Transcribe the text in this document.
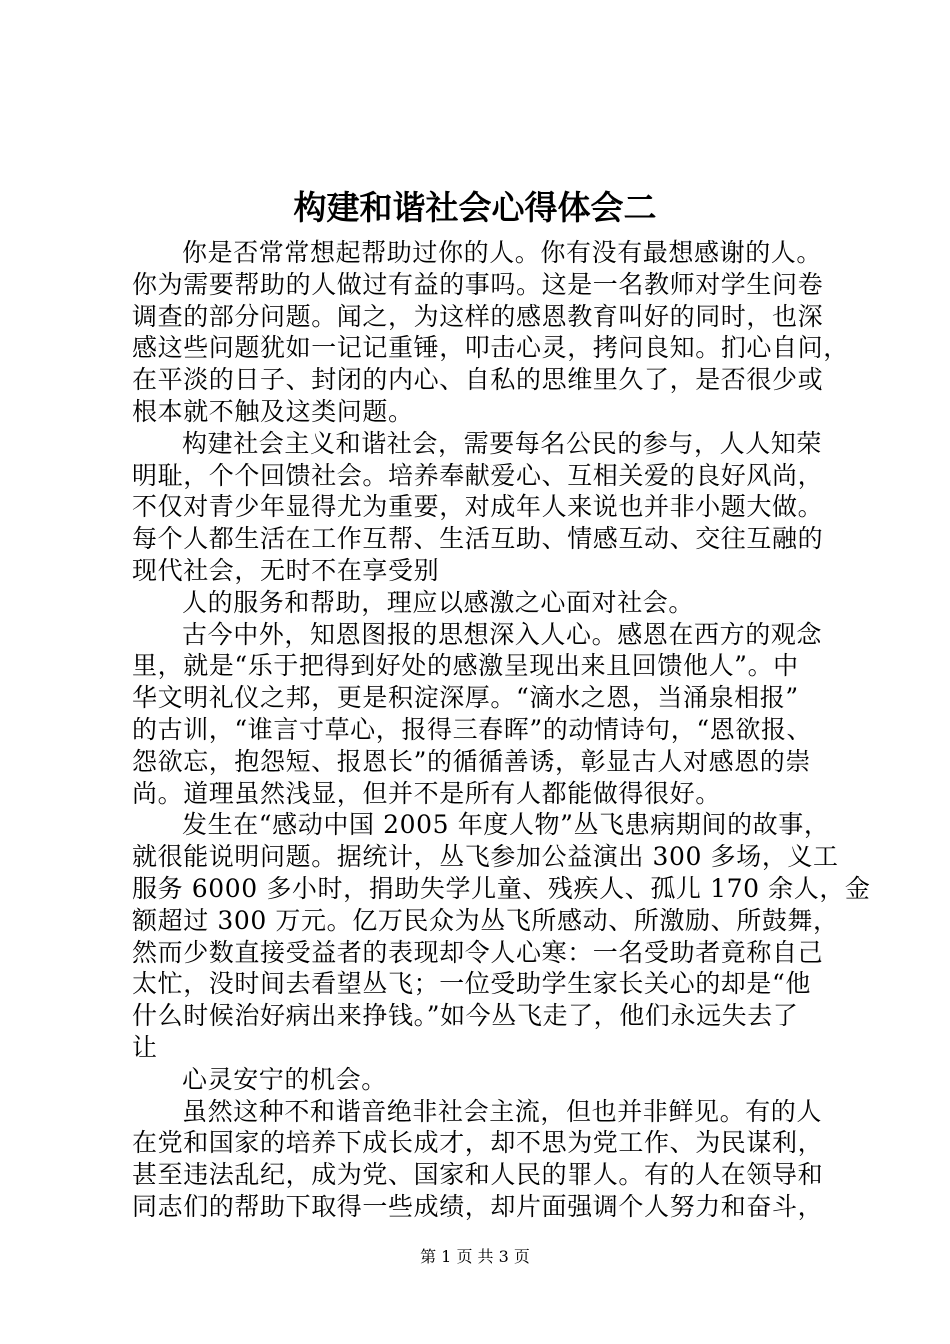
构建和谐社会心得体会二
你是否常常想起帮助过你的人。你有没有最想感谢的人。
你为需要帮助的人做过有益的事吗。这是一名教师对学生问卷
调查的部分问题。闻之，为这样的感恩教育叫好的同时，也深
感这些问题犹如一记记重锤，叩击心灵，拷问良知。扪心自问，
在平淡的日子、封闭的内心、自私的思维里久了，是否很少或
根本就不触及这类问题。
构建社会主义和谐社会，需要每名公民的参与，人人知荣
明耻，个个回馈社会。培养奉献爱心、互相关爱的良好风尚，
不仅对青少年显得尤为重要，对成年人来说也并非小题大做。
每个人都生活在工作互帮、生活互助、情感互动、交往互融的
现代社会，无时不在享受别
人的服务和帮助，理应以感激之心面对社会。
古今中外，知恩图报的思想深入人心。感恩在西方的观念
里，就是“乐于把得到好处的感激呈现出来且回馈他人”。中
华文明礼仪之邦，更是积淀深厚。“滴水之恩，当涌泉相报”
的古训，“谁言寸草心，报得三春晖”的动情诗句，“恩欲报、
怨欲忘，抱怨短、报恩长”的循循善诱，彰显古人对感恩的崇
尚。道理虽然浅显，但并不是所有人都能做得很好。
发生在“感动中国 2005 年度人物”丛飞患病期间的故事，
就很能说明问题。据统计，丛飞参加公益演出 300 多场，义工
服务 6000 多小时，捐助失学儿童、残疾人、孤儿 170 余人，金
额超过 300 万元。亿万民众为丛飞所感动、所激励、所鼓舞，
然而少数直接受益者的表现却令人心寒：一名受助者竟称自己
太忙，没时间去看望丛飞；一位受助学生家长关心的却是“他
什么时候治好病出来挣钱。”如今丛飞走了，他们永远失去了
让
心灵安宁的机会。
虽然这种不和谐音绝非社会主流，但也并非鲜见。有的人
在党和国家的培养下成长成才，却不思为党工作、为民谋利，
甚至违法乱纪，成为党、国家和人民的罪人。有的人在领导和
同志们的帮助下取得一些成绩，却片面强调个人努力和奋斗，
第 1 页 共 3 页
